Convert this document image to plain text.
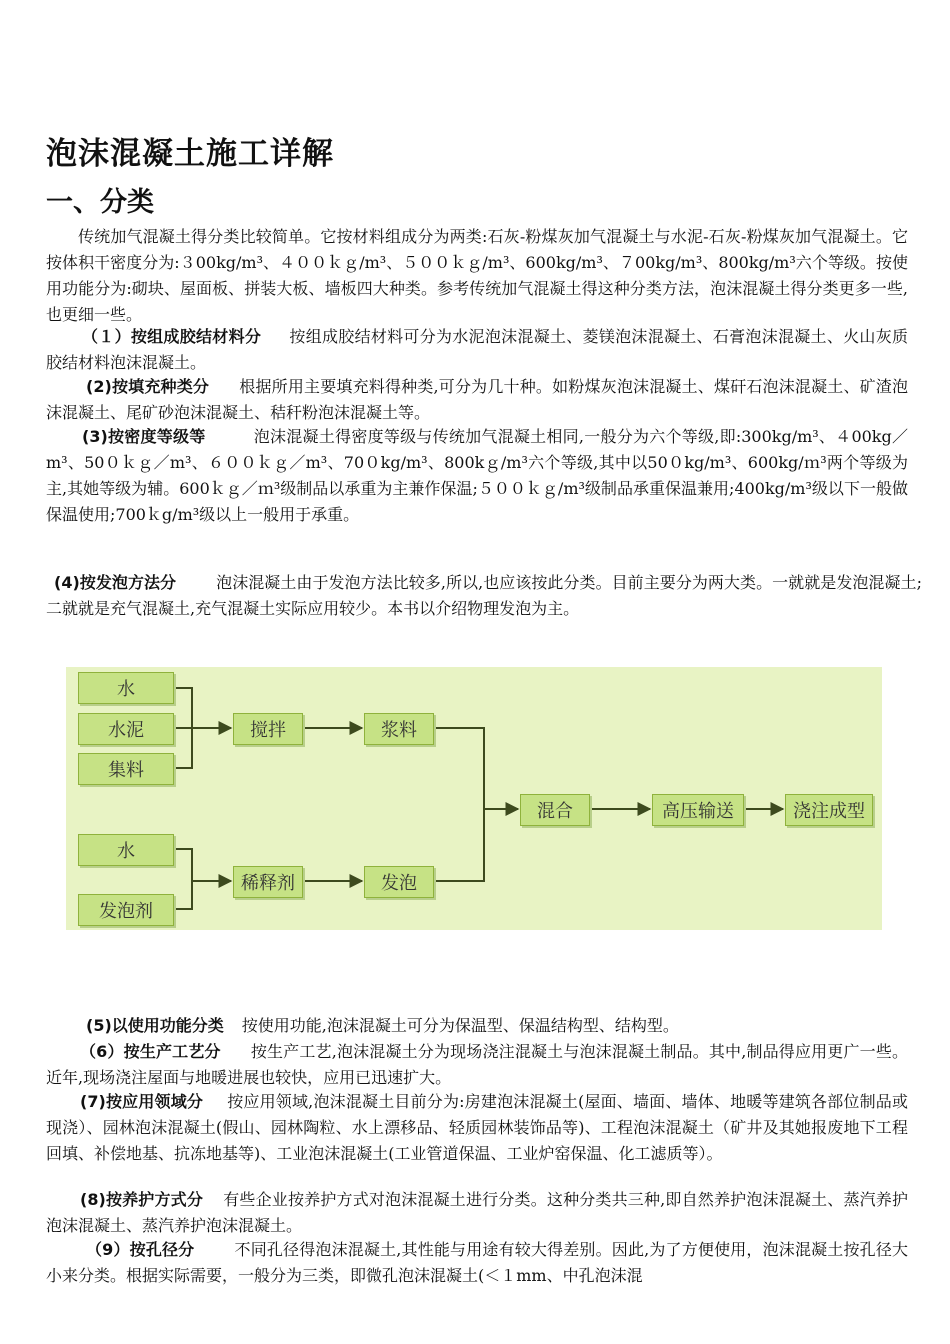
泡沫混凝土施工详解
一、分类

传统加气混凝土得分类比较简单。它按材料组成分为两类:石灰-粉煤灰加气混凝土与水泥-石灰-粉煤灰加气混凝土。它按体积干密度分为:３00kg/m³、４００ｋｇ/m³、５００ｋｇ/m³、600kg/m³、７00kg/m³、800kg/m³六个等级。按使用功能分为:砌块、屋面板、拼装大板、墙板四大种类。参考传统加气混凝土得这种分类方法，泡沫混凝土得分类更多一些,也更细一些。

（１）按组成胶结材料分 按组成胶结材料可分为水泥泡沫混凝土、菱镁泡沫混凝土、石膏泡沫混凝土、火山灰质胶结材料泡沫混凝土。

(2)按填充种类分 根据所用主要填充料得种类,可分为几十种。如粉煤灰泡沫混凝土、煤矸石泡沫混凝土、矿渣泡沫混凝土、尾矿砂泡沫混凝土、秸秆粉泡沫混凝土等。

(3)按密度等级等	泡沫混凝土得密度等级与传统加气混凝土相同,一般分为六个等级,即:300kg/m³、４00kg／m³、50０ｋｇ／m³、６００ｋｇ／m³、70０kg/m³、800kｇ/m³六个等级,其中以50０kg/m³、600kg/ｍ³两个等级为主,其她等级为辅。600ｋｇ／ｍ³级制品以承重为主兼作保温;５００ｋｇ/m³级制品承重保温兼用;400kg/m³级以下一般做保温使用;700ｋg/m³级以上一般用于承重。

(4)按发泡方法分	泡沫混凝土由于发泡方法比较多,所以,也应该按此分类。目前主要分为两大类。一就就是发泡混凝土;二就就是充气混凝土,充气混凝土实际应用较少。本书以介绍物理发泡为主。

水
水泥
集料
搅拌	浆料
混合	高压输送	浇注成型
水
发泡剂
稀释剂	发泡

(5)以使用功能分类 按使用功能,泡沫混凝土可分为保温型、保温结构型、结构型。

（6）按生产工艺分 按生产工艺,泡沫混凝土分为现场浇注混凝土与泡沫混凝土制品。其中,制品得应用更广一些。近年,现场浇注屋面与地暖进展也较快，应用已迅速扩大。

(7)按应用领域分 按应用领域,泡沫混凝土目前分为:房建泡沫混凝土(屋面、墙面、墙体、地暖等建筑各部位制品或现浇）、园林泡沫混凝土(假山、园林陶粒、水上漂移品、轻质园林装饰品等)、工程泡沫混凝土（矿井及其她报废地下工程回填、补偿地基、抗冻地基等)、工业泡沫混凝土(工业管道保温、工业炉窑保温、化工滤质等）。

(8)按养护方式分 有些企业按养护方式对泡沫混凝土进行分类。这种分类共三种,即自然养护泡沫混凝土、蒸汽养护泡沫混凝土、蒸汽养护泡沫混凝土。

（9）按孔径分	不同孔径得泡沫混凝土,其性能与用途有较大得差别。因此,为了方便使用，泡沫混凝土按孔径大小来分类。根据实际需要，一般分为三类，即微孔泡沫混凝土(＜１mm、中孔泡沫混
